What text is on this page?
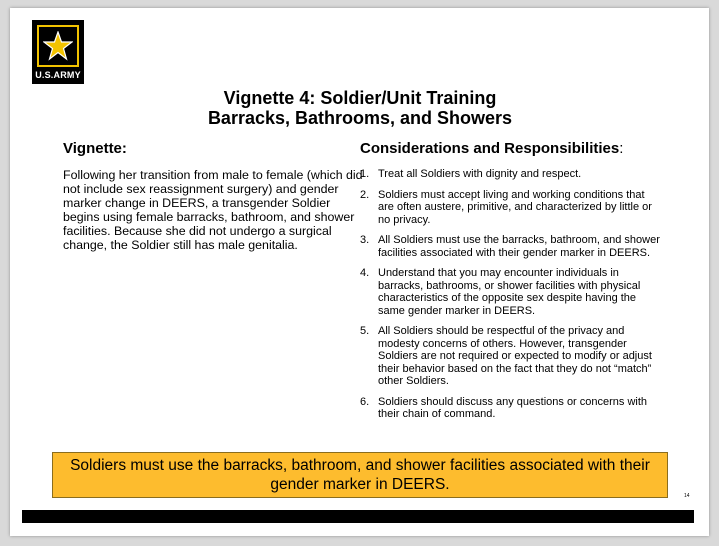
U.S.ARMY
Vignette 4: Soldier/Unit Training
Barracks, Bathrooms, and Showers
Vignette:
Following her transition from male to female (which did not include sex reassignment surgery) and gender marker change in DEERS, a transgender Soldier begins using female barracks, bathroom, and shower facilities. Because she did not undergo a surgical change, the Soldier still has male genitalia.
Considerations and Responsibilities:
1. Treat all Soldiers with dignity and respect.
2. Soldiers must accept living and working conditions that are often austere, primitive, and characterized by little or no privacy.
3. All Soldiers must use the barracks, bathroom, and shower facilities associated with their gender marker in DEERS.
4. Understand that you may encounter individuals in barracks, bathrooms, or shower facilities with physical characteristics of the opposite sex despite having the same gender marker in DEERS.
5. All Soldiers should be respectful of the privacy and modesty concerns of others. However, transgender Soldiers are not required or expected to modify or adjust their behavior based on the fact that they do not “match” other Soldiers.
6. Soldiers should discuss any questions or concerns with their chain of command.
Soldiers must use the barracks, bathroom, and shower facilities associated with their gender marker in DEERS.
14
